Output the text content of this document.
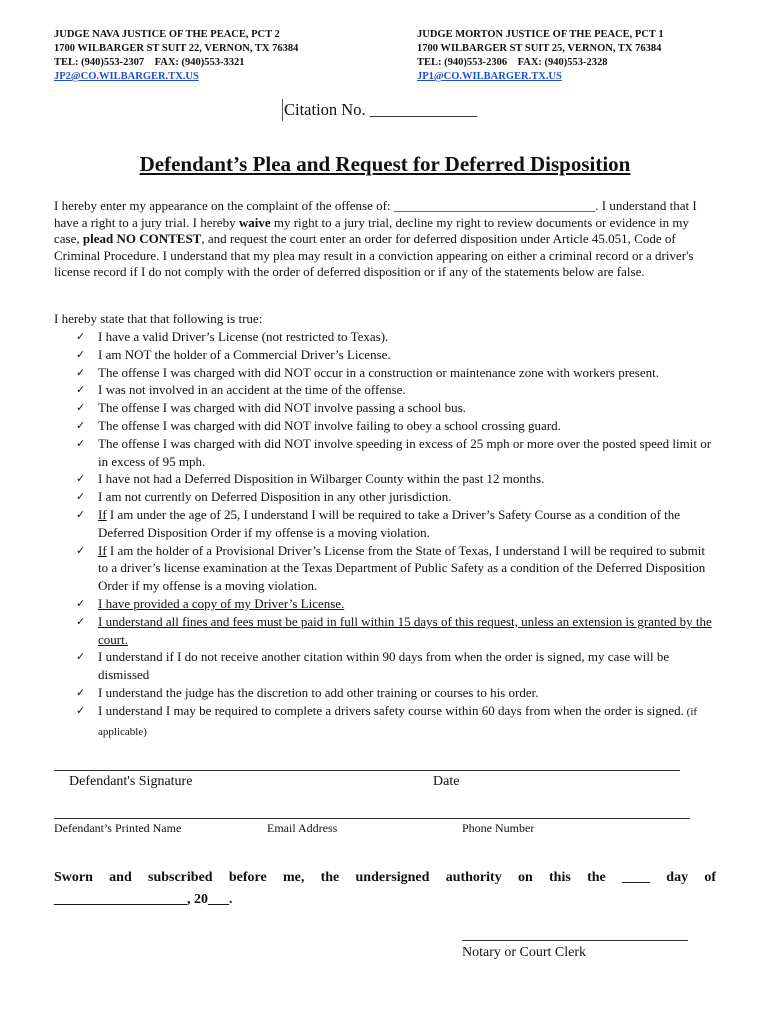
JUDGE NAVA JUSTICE OF THE PEACE, PCT 2
1700 WILBARGER ST SUIT 22, VERNON, TX 76384
TEL: (940)553-2307    FAX: (940)553-3321
JP2@CO.WILBARGER.TX.US
JUDGE MORTON JUSTICE OF THE PEACE, PCT 1
1700 WILBARGER ST SUIT 25, VERNON, TX 76384
TEL: (940)553-2306    FAX: (940)553-2328
JP1@CO.WILBARGER.TX.US
Citation No. _____________
Defendant’s Plea and Request for Deferred Disposition
I hereby enter my appearance on the complaint of the offense of: _______________________________. I understand that I have a right to a jury trial. I hereby waive my right to a jury trial, decline my right to review documents or evidence in my case, plead NO CONTEST, and request the court enter an order for deferred disposition under Article 45.051, Code of Criminal Procedure. I understand that my plea may result in a conviction appearing on either a criminal record or a driver's license record if I do not comply with the order of deferred disposition or if any of the statements below are false.
I hereby state that that following is true:
✓ I have a valid Driver’s License (not restricted to Texas).
✓ I am NOT the holder of a Commercial Driver’s License.
✓ The offense I was charged with did NOT occur in a construction or maintenance zone with workers present.
✓ I was not involved in an accident at the time of the offense.
✓ The offense I was charged with did NOT involve passing a school bus.
✓ The offense I was charged with did NOT involve failing to obey a school crossing guard.
✓ The offense I was charged with did NOT involve speeding in excess of 25 mph or more over the posted speed limit or in excess of 95 mph.
✓ I have not had a Deferred Disposition in Wilbarger County within the past 12 months.
✓ I am not currently on Deferred Disposition in any other jurisdiction.
✓ If I am under the age of 25, I understand I will be required to take a Driver’s Safety Course as a condition of the Deferred Disposition Order if my offense is a moving violation.
✓ If I am the holder of a Provisional Driver’s License from the State of Texas, I understand I will be required to submit to a driver’s license examination at the Texas Department of Public Safety as a condition of the Deferred Disposition Order if my offense is a moving violation.
✓ I have provided a copy of my Driver’s License.
✓ I understand all fines and fees must be paid in full within 15 days of this request, unless an extension is granted by the court.
✓ I understand if I do not receive another citation within 90 days from when the order is signed, my case will be dismissed
✓ I understand the judge has the discretion to add other training or courses to his order.
✓ I understand I may be required to complete a drivers safety course within 60 days from when the order is signed. (if applicable)
Defendant's Signature	Date
Defendant’s Printed Name	Email Address	Phone Number
Sworn and subscribed before me, the undersigned authority on this the ____ day of
___________________, 20___.
Notary or Court Clerk
